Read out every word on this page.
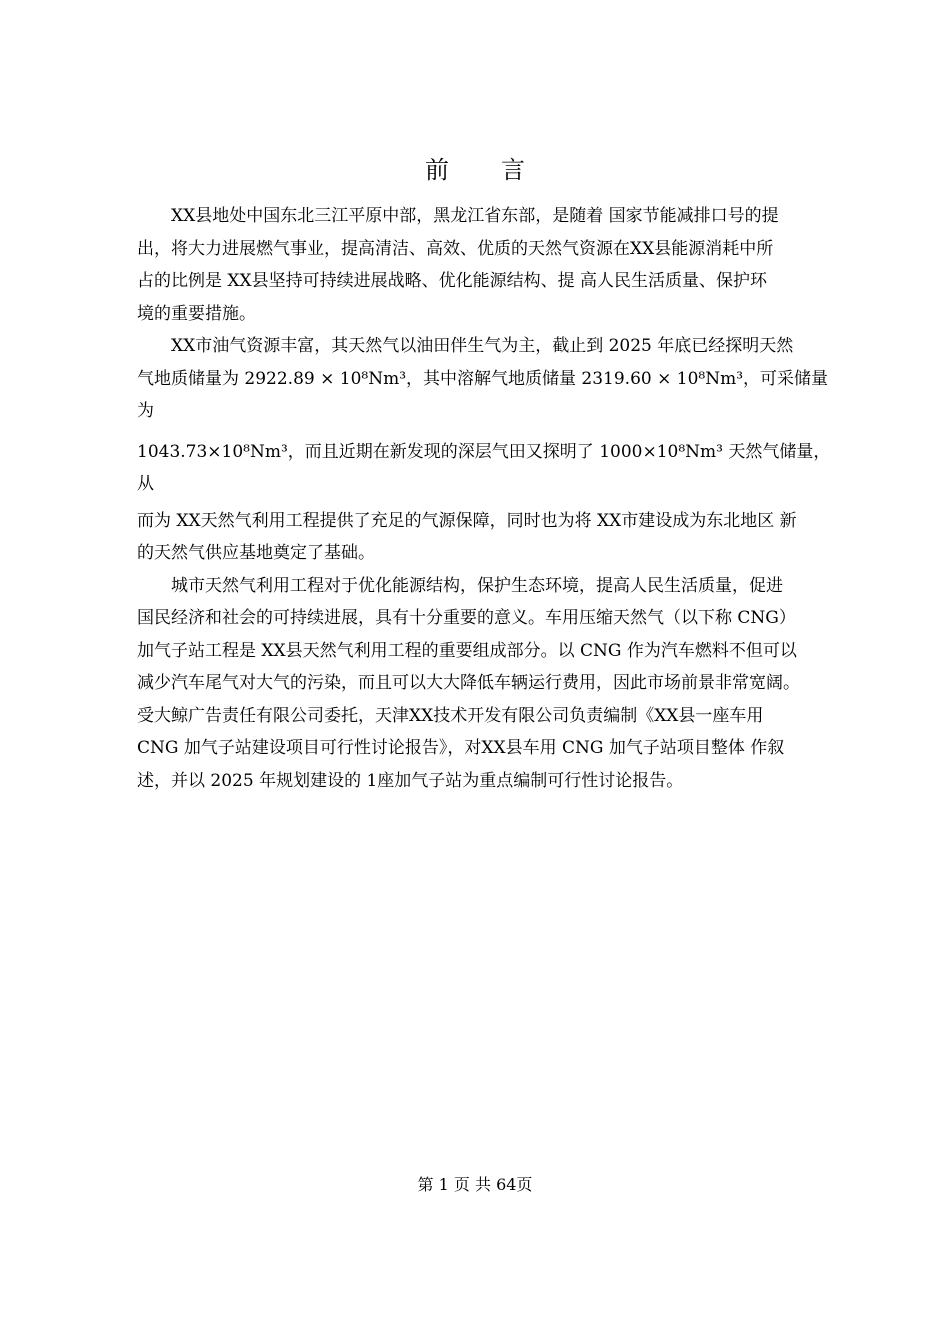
前言

XX县地处中国东北三江平原中部，黑龙江省东部，是随着 国家节能减排口号的提
出，将大力进展燃气事业，提高清洁、高效、优质的天然气资源在XX县能源消耗中所
占的比例是 XX县坚持可持续进展战略、优化能源结构、提 高人民生活质量、保护环
境的重要措施。

XX市油气资源丰富，其天然气以油田伴生气为主，截止到 2025 年底已经探明天然
气地质储量为 2922.89 × 10⁸Nm³，其中溶解气地质储量 2319.60 × 10⁸Nm³，可采储量
为
1043.73×10⁸Nm³，而且近期在新发现的深层气田又探明了 1000×10⁸Nm³ 天然气储量，
从
而为 XX天然气利用工程提供了充足的气源保障，同时也为将 XX市建设成为东北地区 新
的天然气供应基地奠定了基础。

城市天然气利用工程对于优化能源结构，保护生态环境，提高人民生活质量，促进
国民经济和社会的可持续进展，具有十分重要的意义。车用压缩天然气（以下称 CNG）
加气子站工程是 XX县天然气利用工程的重要组成部分。以 CNG 作为汽车燃料不但可以
减少汽车尾气对大气的污染，而且可以大大降低车辆运行费用，因此市场前景非常宽阔。
受大鲸广告责任有限公司委托，天津XX技术开发有限公司负责编制《XX县一座车用
CNG 加气子站建设项目可行性讨论报告》，对XX县车用 CNG 加气子站项目整体 作叙
述，并以 2025 年规划建设的 1座加气子站为重点编制可行性讨论报告。

第 1 页 共 64页
